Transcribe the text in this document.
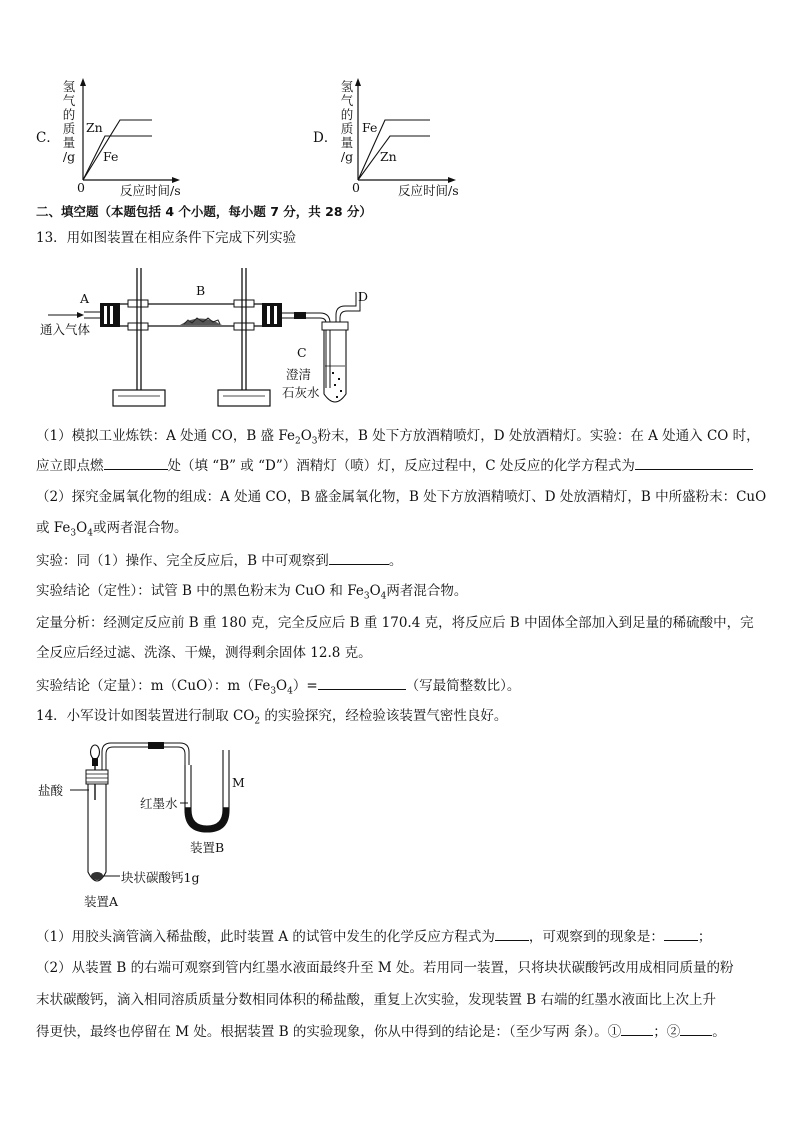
C．
氢
气
的
质
量
/g
Zn
Fe
0	反应时间/s
D．
氢
气
的
质
量
/g
Fe
Zn
0	反应时间/s
二、填空题（本题包括 4 个小题，每小题 7 分，共 28 分）
13．用如图装置在相应条件下完成下列实验
A
B	D
C
通入气体
澄清
石灰水
（1）模拟工业炼铁：A 处通 CO，B 盛 $Fe_2O_3$粉末，B 处下方放酒精喷灯，D 处放酒精灯。实验：在 A 处通入 CO 时，
应立即点燃	处（填 “B” 或 “D”）酒精灯（喷）灯，反应过程中，C 处反应的化学方程式为
（2）探究金属氧化物的组成：A 处通 CO，B 盛金属氧化物，B 处下方放酒精喷灯、D 处放酒精灯，B 中所盛粉末：CuO
或 $Fe_3O_4$或两者混合物。
实验：同（1）操作、完全反应后，B 中可观察到	。
实验结论（定性）：试管 B 中的黑色粉末为 CuO 和 $Fe_3O_4$两者混合物。
定量分析：经测定反应前 B 重 180 克，完全反应后 B 重 170.4 克，将反应后 B 中固体全部加入到足量的稀硫酸中，完
全反应后经过滤、洗涤、干燥，测得剩余固体 12.8 克。
实验结论（定量）：m（CuO）：$m(Fe_3O_4)=$	（写最简整数比）。
14．小军设计如图装置进行制取 $CO_2$ 的实验探究，经检验该装置气密性良好。
盐酸
红墨水
M
装置B
块状碳酸钙1g
装置A
（1）用胶头滴管滴入稀盐酸，此时装置 A 的试管中发生的化学反应方程式为	，可观察到的现象是：	；
（2）从装置 B 的右端可观察到管内红墨水液面最终升至 M 处。若用同一装置，只将块状碳酸钙改用成相同质量的粉
末状碳酸钙，滴入相同溶质质量分数相同体积的稀盐酸，重复上次实验，发现装置 B 右端的红墨水液面比上次上升
得更快，最终也停留在 M 处。根据装置 B 的实验现象，你从中得到的结论是：（至少写两 条）。① ；② 。
